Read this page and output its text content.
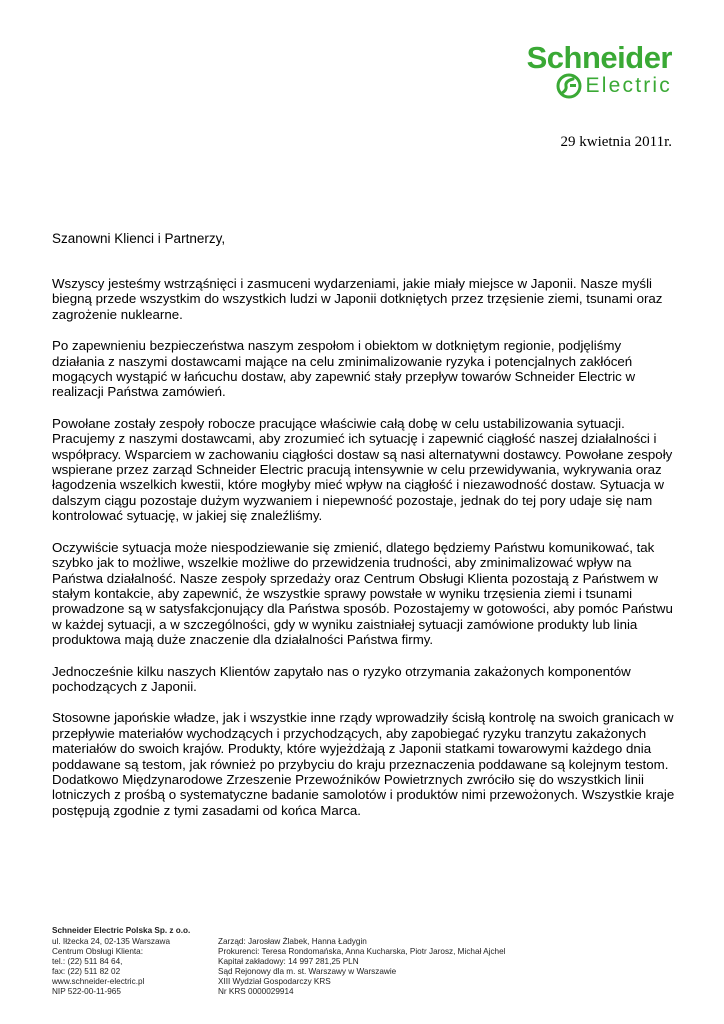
Schneider
Electric
29 kwietnia 2011r.
Szanowni Klienci i Partnerzy,

Wszyscy jesteśmy wstrząśnięci i zasmuceni wydarzeniami, jakie miały miejsce w Japonii. Nasze myśli biegną przede wszystkim do wszystkich ludzi w Japonii dotkniętych przez trzęsienie ziemi, tsunami oraz zagrożenie nuklearne.

Po zapewnieniu bezpieczeństwa naszym zespołom i obiektom w dotkniętym regionie, podjęliśmy działania z naszymi dostawcami mające na celu zminimalizowanie ryzyka i potencjalnych zakłóceń mogących wystąpić w łańcuchu dostaw, aby zapewnić stały przepływ towarów Schneider Electric w realizacji Państwa zamówień.

Powołane zostały zespoły robocze pracujące właściwie całą dobę w celu ustabilizowania sytuacji. Pracujemy z naszymi dostawcami, aby zrozumieć ich sytuację i zapewnić ciągłość naszej działalności i współpracy. Wsparciem w zachowaniu ciągłości dostaw są nasi alternatywni dostawcy. Powołane zespoły wspierane przez zarząd Schneider Electric pracują intensywnie w celu przewidywania, wykrywania oraz łagodzenia wszelkich kwestii, które mogłyby mieć wpływ na ciągłość i niezawodność dostaw. Sytuacja w dalszym ciągu pozostaje dużym wyzwaniem i niepewność pozostaje, jednak do tej pory udaje się nam kontrolować sytuację, w jakiej się znaleźliśmy.

Oczywiście sytuacja może niespodziewanie się zmienić, dlatego będziemy Państwu komunikować, tak szybko jak to możliwe, wszelkie możliwe do przewidzenia trudności, aby zminimalizować wpływ na Państwa działalność. Nasze zespoły sprzedaży oraz Centrum Obsługi Klienta pozostają z Państwem w stałym kontakcie, aby zapewnić, że wszystkie sprawy powstałe w wyniku trzęsienia ziemi i tsunami prowadzone są w satysfakcjonujący dla Państwa sposób. Pozostajemy w gotowości, aby pomóc Państwu w każdej sytuacji, a w szczególności, gdy w wyniku zaistniałej sytuacji zamówione produkty lub linia produktowa mają duże znaczenie dla działalności Państwa firmy.

Jednocześnie kilku naszych Klientów zapytało nas o ryzyko otrzymania zakażonych komponentów pochodzących z Japonii.

Stosowne japońskie władze, jak i wszystkie inne rządy wprowadziły ścisłą kontrolę na swoich granicach w przepływie materiałów wychodzących i przychodzących, aby zapobiegać ryzyku tranzytu zakażonych materiałów do swoich krajów. Produkty, które wyjeżdżają z Japonii statkami towarowymi każdego dnia poddawane są testom, jak również po przybyciu do kraju przeznaczenia poddawane są kolejnym testom. Dodatkowo Międzynarodowe Zrzeszenie Przewoźników Powietrznych zwróciło się do wszystkich linii lotniczych z prośbą o systematyczne badanie samolotów i produktów nimi przewożonych. Wszystkie kraje postępują zgodnie z tymi zasadami od końca Marca.

Schneider Electric Polska Sp. z o.o.
ul. Iłżecka 24, 02-135 Warszawa
Centrum Obsługi Klienta:
tel.: (22) 511 84 64,
fax: (22) 511 82 02
www.schneider-electric.pl
NIP 522-00-11-965
Zarząd: Jarosław Żlabek, Hanna Ładygin
Prokurenci: Teresa Rondomańska, Anna Kucharska, Piotr Jarosz, Michał Ajchel
Kapitał zakładowy: 14 997 281,25 PLN
Sąd Rejonowy dla m. st. Warszawy w Warszawie
XIII Wydział Gospodarczy KRS
Nr KRS 0000029914
